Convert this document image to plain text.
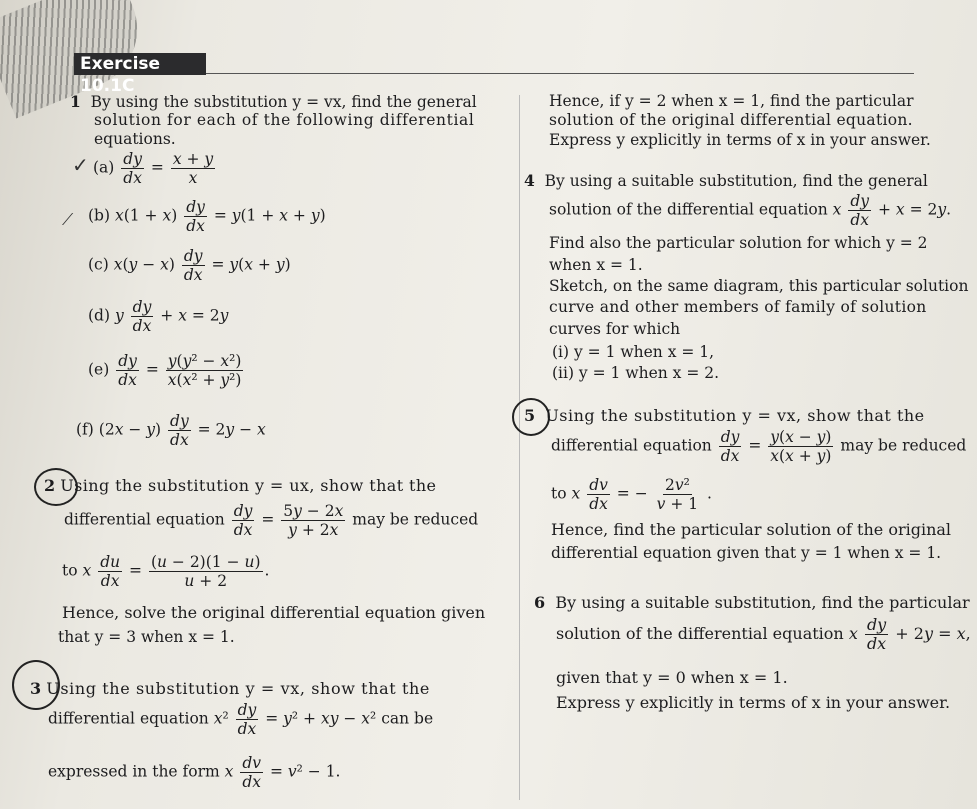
Exercise 10.1C
1 By using the substitution y = vx, find the general
solution for each of the following differential
equations.
✓ $(a) \frac{dy}{dx} = \frac{x + y}{x}$
⟋ (b) $x(1 + x) \frac{dy}{dx} = y(1 + x + y)$
(c) $x(y - x) \frac{dy}{dx} = y(x + y)$
(d) y $\frac{dy}{dx} + x = 2y$
$(e) \frac{dy}{dx} = \frac{\text{y(y² − x²)}}{\text{x(x² + y²)}}$
(f) $(2x - y) \frac{dy}{dx} = 2y - x$
2 Using the substitution y = ux, show that the
differential equation $\frac{dy}{dx} = \frac{5y - 2x}{y + 2x}$ may be reduced
to x $\frac{du}{dx} = \frac{(u - 2)(1 - u)}{u + 2}$ .
Hence, solve the original differential equation given
that y = 3 when x = 1.
3 Using the substitution y = vx, show that the
differential equation $x^2 \frac{dy}{dx} = y^2$ + xy − x² can be
expressed in the form x $\frac{dv}{dx} = v^2 - 1$.
Hence, if y = 2 when x = 1, find the particular
solution of the original differential equation.
Express y explicitly in terms of x in your answer.
4 By using a suitable substitution, find the general
solution of the differential equation x $\frac{dy}{dx} + x = 2y$.
Find also the particular solution for which y = 2
when x = 1.
Sketch, on the same diagram, this particular solution
curve and other members of family of solution
curves for which
(i) y = 1 when x = 1,
(ii) y = 1 when x = 2.
5 Using the substitution y = vx, show that the
differential equation $\frac{dy}{dx} = \frac{y(x - y)}{x(x + y)}$ may be reduced
to x $\frac{dv}{dx}$ = − $\frac{\text{2v²}}{v + 1}$ .
Hence, find the particular solution of the original
differential equation given that y = 1 when x = 1.
6 By using a suitable substitution, find the particular
solution of the differential equation x $\frac{dy}{dx} + 2y = x$,
given that y = 0 when x = 1.
Express y explicitly in terms of x in your answer.
